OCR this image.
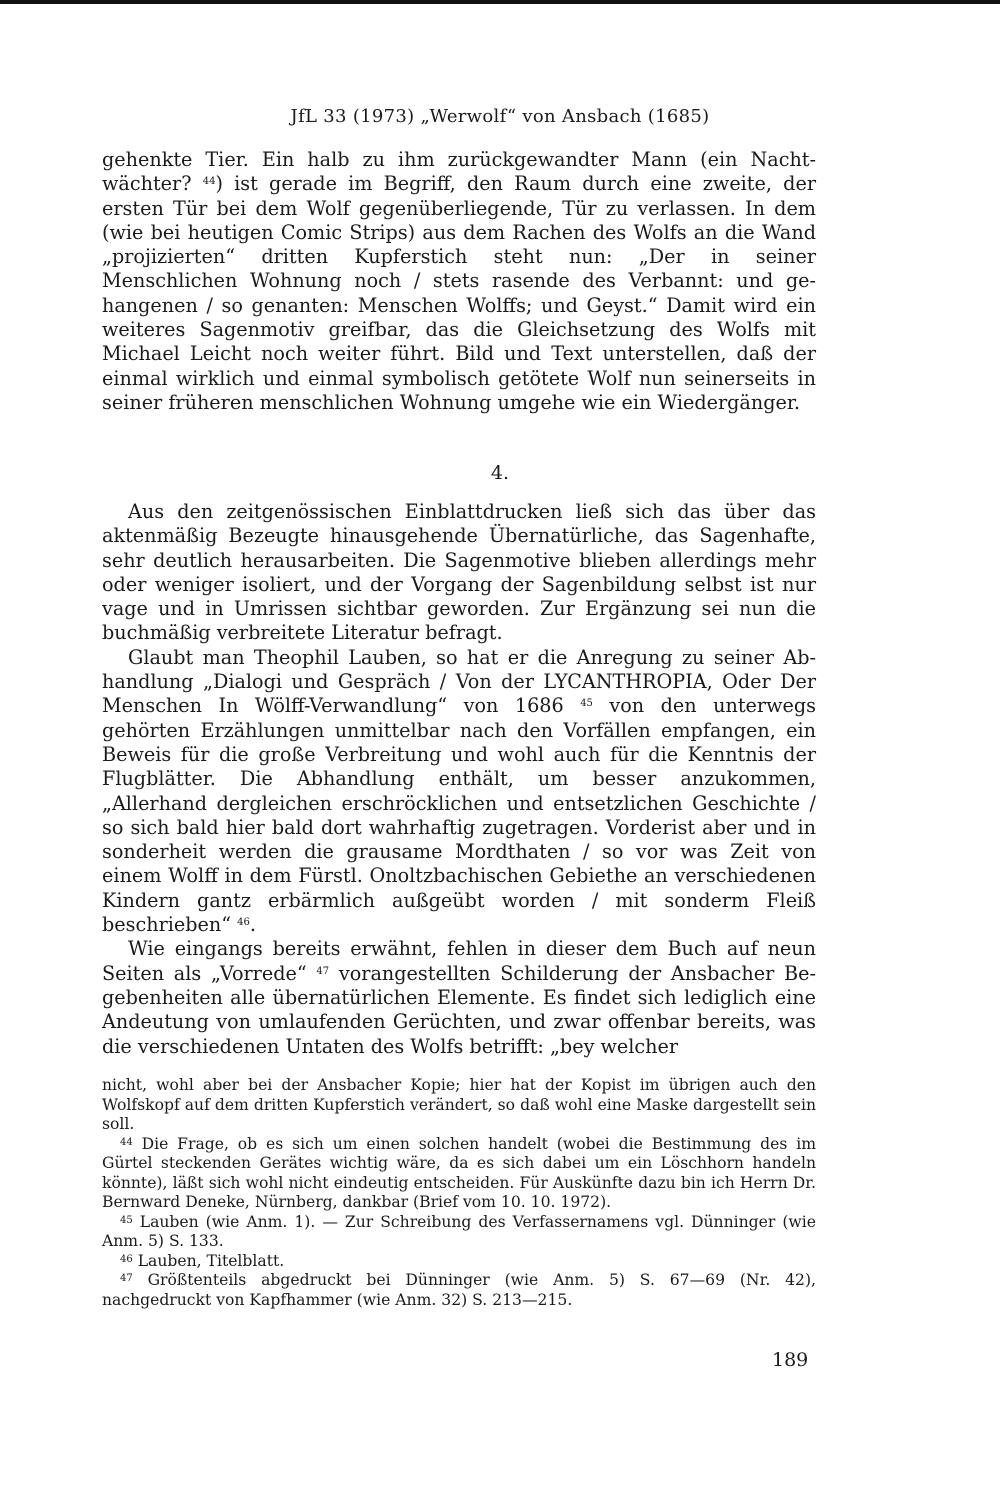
JfL 33 (1973) „Werwolf“ von Ansbach (1685)

gehenkte Tier. Ein halb zu ihm zurückgewandter Mann (ein Nachtwächter? $^{44}$) ist gerade im Begriff, den Raum durch eine zweite, der ersten Tür bei dem Wolf gegenüberliegende, Tür zu verlassen. In dem (wie bei heutigen Comic Strips) aus dem Rachen des Wolfs an die Wand „projizierten“ dritten Kupferstich steht nun: „Der in seiner Menschlichen Wohnung noch / stets rasende des Verbannt: und gehangenen / so genanten: Menschen Wolffs; und Geyst.“ Damit wird ein weiteres Sagenmotiv greifbar, das die Gleichsetzung des Wolfs mit Michael Leicht noch weiter führt. Bild und Text unterstellen, daß der einmal wirklich und einmal symbolisch getötete Wolf nun seinerseits in seiner früheren menschlichen Wohnung umgehe wie ein Wiedergänger.

4.

Aus den zeitgenössischen Einblattdrucken ließ sich das über das aktenmäßig Bezeugte hinausgehende Übernatürliche, das Sagenhafte, sehr deutlich herausarbeiten. Die Sagenmotive blieben allerdings mehr oder weniger isoliert, und der Vorgang der Sagenbildung selbst ist nur vage und in Umrissen sichtbar geworden. Zur Ergänzung sei nun die buchmäßig verbreitete Literatur befragt.

Glaubt man Theophil Lauben, so hat er die Anregung zu seiner Abhandlung „Dialogi und Gespräch / Von der LYCANTHROPIA, Oder Der Menschen In Wölff-Verwandlung“ von 1686 $^{45}$ von den unterwegs gehörten Erzählungen unmittelbar nach den Vorfällen empfangen, ein Beweis für die große Verbreitung und wohl auch für die Kenntnis der Flugblätter. Die Abhandlung enthält, um besser anzukommen, „Allerhand dergleichen erschröcklichen und entsetzlichen Geschichte / so sich bald hier bald dort wahrhaftig zugetragen. Vorderist aber und in sonderheit werden die grausame Mordthaten / so vor was Zeit von einem Wolff in dem Fürstl. Onoltzbachischen Gebiethe an verschiedenen Kindern gantz erbärmlich außgeübt worden / mit sonderm Fleiß beschrieben“ $^{46}$.

Wie eingangs bereits erwähnt, fehlen in dieser dem Buch auf neun Seiten als „Vorrede“ $^{47}$ vorangestellten Schilderung der Ansbacher Begebenheiten alle übernatürlichen Elemente. Es findet sich lediglich eine Andeutung von umlaufenden Gerüchten, und zwar offenbar bereits, was die verschiedenen Untaten des Wolfs betrifft: „bey welcher

nicht, wohl aber bei der Ansbacher Kopie; hier hat der Kopist im übrigen auch den Wolfskopf auf dem dritten Kupferstich verändert, so daß wohl eine Maske dargestellt sein soll.

$^{44}$ Die Frage, ob es sich um einen solchen handelt (wobei die Bestimmung des im Gürtel steckenden Gerätes wichtig wäre, da es sich dabei um ein Löschhorn handeln könnte), läßt sich wohl nicht eindeutig entscheiden. Für Auskünfte dazu bin ich Herrn Dr. Bernward Deneke, Nürnberg, dankbar (Brief vom 10. 10. 1972).

$^{45}$ Lauben (wie Anm. 1). — Zur Schreibung des Verfassernamens vgl. Dünninger (wie Anm. 5) S. 133.

$^{46}$ Lauben, Titelblatt.

$^{47}$ Größtenteils abgedruckt bei Dünninger (wie Anm. 5) S. 67—69 (Nr. 42), nachgedruckt von Kapfhammer (wie Anm. 32) S. 213—215.

189
